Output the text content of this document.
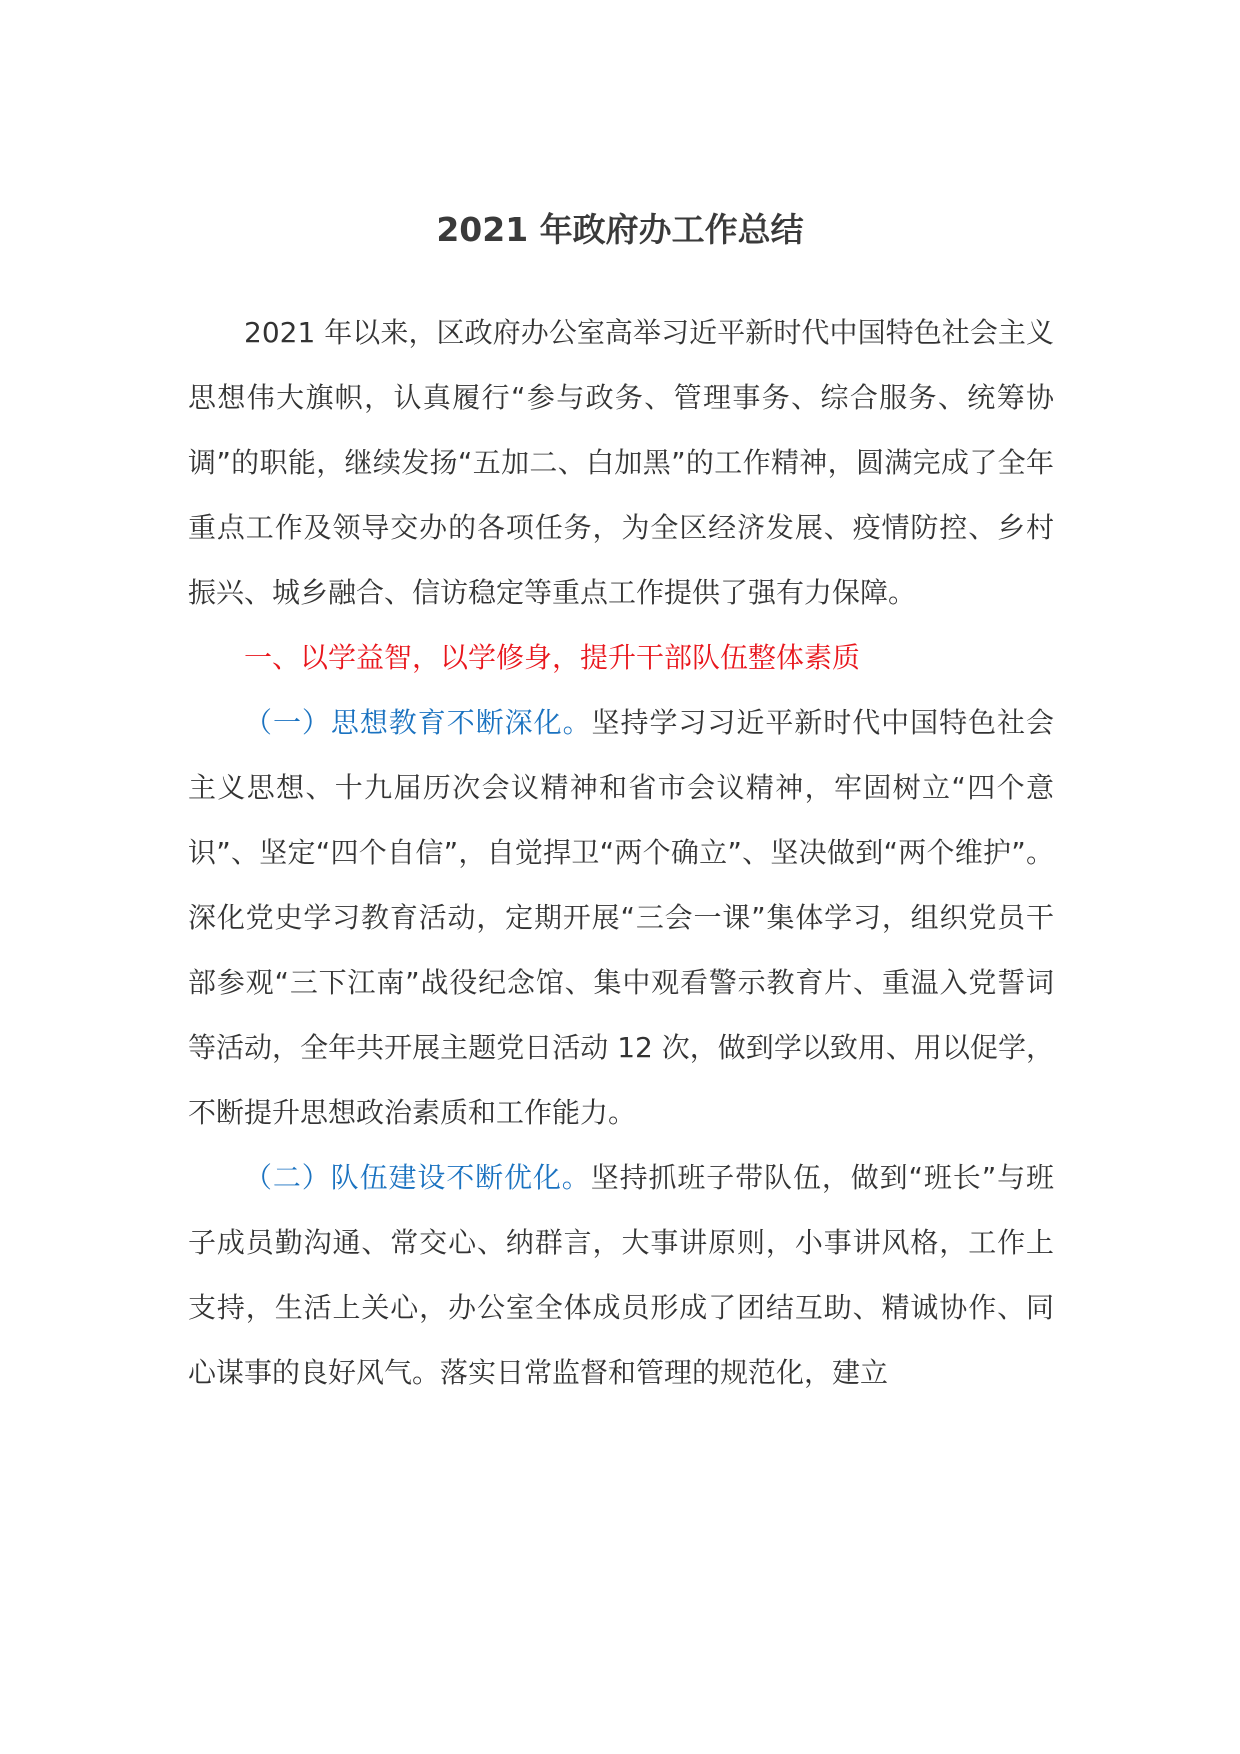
2021 年政府办工作总结

2021 年以来，区政府办公室高举习近平新时代中国特色社会主义思想伟大旗帜，认真履行“参与政务、管理事务、综合服务、统筹协调”的职能，继续发扬“五加二、白加黑”的工作精神，圆满完成了全年重点工作及领导交办的各项任务，为全区经济发展、疫情防控、乡村振兴、城乡融合、信访稳定等重点工作提供了强有力保障。

一、以学益智，以学修身，提升干部队伍整体素质

（一）思想教育不断深化。坚持学习习近平新时代中国特色社会主义思想、十九届历次会议精神和省市会议精神，牢固树立“四个意识”、坚定“四个自信”，自觉捍卫“两个确立”、坚决做到“两个维护”。深化党史学习教育活动，定期开展“三会一课”集体学习，组织党员干部参观“三下江南”战役纪念馆、集中观看警示教育片、重温入党誓词等活动，全年共开展主题党日活动 12 次，做到学以致用、用以促学，不断提升思想政治素质和工作能力。

（二）队伍建设不断优化。坚持抓班子带队伍，做到“班长”与班子成员勤沟通、常交心、纳群言，大事讲原则，小事讲风格，工作上支持，生活上关心，办公室全体成员形成了团结互助、精诚协作、同心谋事的良好风气。落实日常监督和管理的规范化，建立
